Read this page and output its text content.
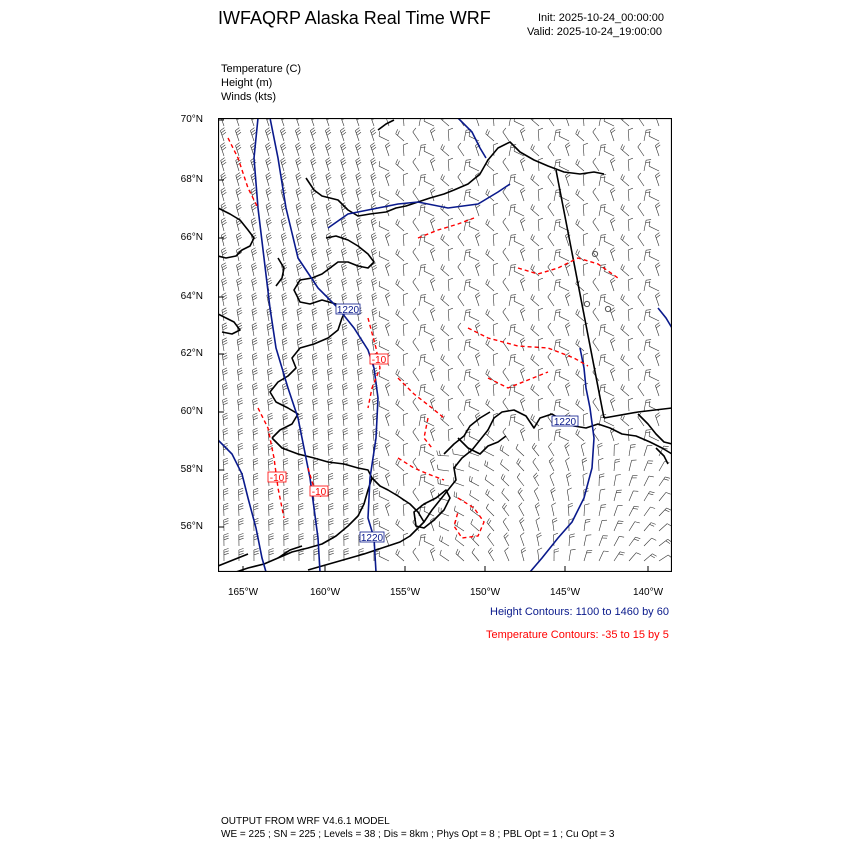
IWFAQRP Alaska Real Time WRF	Init: 2025-10-24_00:00:00
Valid: 2025-10-24_19:00:00
Temperature (C)
Height (m)
Winds (kts)
70°N
68°N
66°N
64°N
62°N
60°N
58°N
56°N
165°W	160°W	155°W	150°W	145°W	140°W
1220
1220
1220
-10
-10
-10
Height Contours: 1100 to 1460 by 60
Temperature Contours: -35 to 15 by 5
OUTPUT FROM WRF V4.6.1 MODEL
WE = 225 ; SN = 225 ; Levels = 38 ; Dis = 8km ; Phys Opt = 8 ; PBL Opt = 1 ; Cu Opt = 3
